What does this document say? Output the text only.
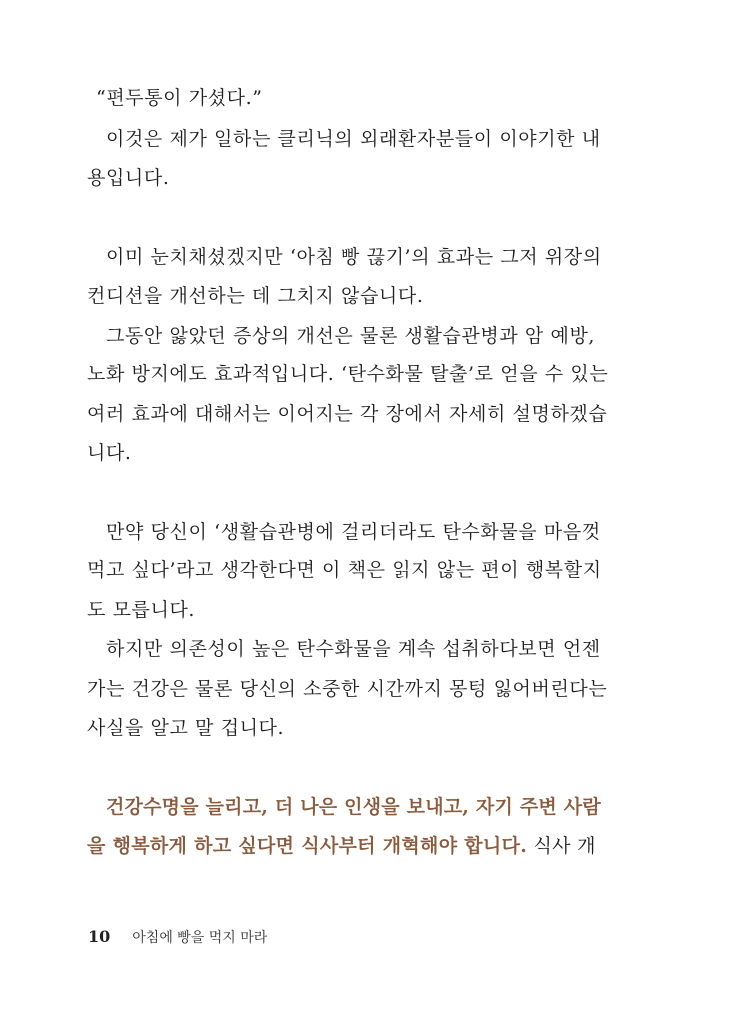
“편두통이 가셨다.”
이것은 제가 일하는 클리닉의 외래환자분들이 이야기한 내
용입니다.
이미 눈치채셨겠지만 ‘아침 빵 끊기’의 효과는 그저 위장의
컨디션을 개선하는 데 그치지 않습니다.
그동안 앓았던 증상의 개선은 물론 생활습관병과 암 예방,
노화 방지에도 효과적입니다. ‘탄수화물 탈출’로 얻을 수 있는
여러 효과에 대해서는 이어지는 각 장에서 자세히 설명하겠습
니다.
만약 당신이 ‘생활습관병에 걸리더라도 탄수화물을 마음껏
먹고 싶다’라고 생각한다면 이 책은 읽지 않는 편이 행복할지
도 모릅니다.
하지만 의존성이 높은 탄수화물을 계속 섭취하다보면 언젠
가는 건강은 물론 당신의 소중한 시간까지 몽텅 잃어버린다는
사실을 알고 말 겁니다.
건강수명을 늘리고, 더 나은 인생을 보내고, 자기 주변 사람
을 행복하게 하고 싶다면 식사부터 개혁해야 합니다. 식사 개
10 아침에 빵을 먹지 마라
